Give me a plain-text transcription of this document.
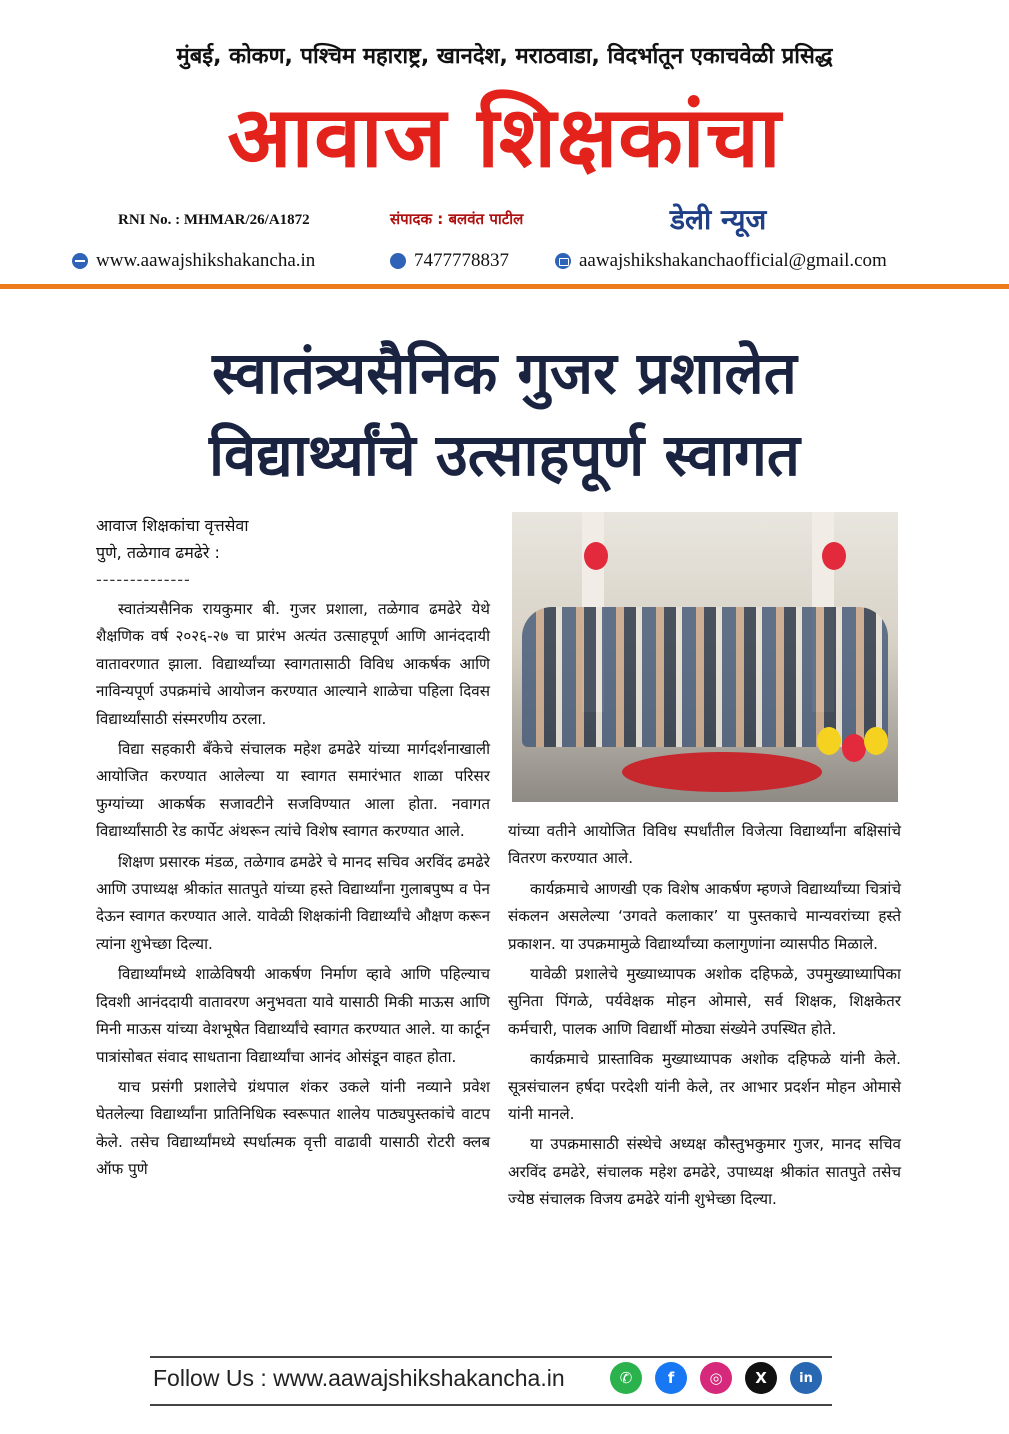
मुंबई, कोकण, पश्चिम महाराष्ट्र, खानदेश, मराठवाडा, विदर्भातून एकाचवेळी प्रसिद्ध
आवाज शिक्षकांचा
RNI No. : MHMAR/26/A1872	संपादक : बलवंत पाटील	डेली न्यूज
www.aawajshikshakancha.in	7477778837	aawajshikshakanchaofficial@gmail.com
स्वातंत्र्यसैनिक गुजर प्रशालेत
विद्यार्थ्यांचे उत्साहपूर्ण स्वागत
आवाज शिक्षकांचा वृत्तसेवा
पुणे, तळेगाव ढमढेरे :
--------------

स्वातंत्र्यसैनिक रायकुमार बी. गुजर प्रशाला, तळेगाव ढमढेरे येथे शैक्षणिक वर्ष २०२६-२७ चा प्रारंभ अत्यंत उत्साहपूर्ण आणि आनंददायी वातावरणात झाला. विद्यार्थ्यांच्या स्वागतासाठी विविध आकर्षक आणि नाविन्यपूर्ण उपक्रमांचे आयोजन करण्यात आल्याने शाळेचा पहिला दिवस विद्यार्थ्यांसाठी संस्मरणीय ठरला.

विद्या सहकारी बँकेचे संचालक महेश ढमढेरे यांच्या मार्गदर्शनाखाली आयोजित करण्यात आलेल्या या स्वागत समारंभात शाळा परिसर फुग्यांच्या आकर्षक सजावटीने सजविण्यात आला होता. नवागत विद्यार्थ्यांसाठी रेड कार्पेट अंथरून त्यांचे विशेष स्वागत करण्यात आले.

शिक्षण प्रसारक मंडळ, तळेगाव ढमढेरे चे मानद सचिव अरविंद ढमढेरे आणि उपाध्यक्ष श्रीकांत सातपुते यांच्या हस्ते विद्यार्थ्यांना गुलाबपुष्प व पेन देऊन स्वागत करण्यात आले. यावेळी शिक्षकांनी विद्यार्थ्यांचे औक्षण करून त्यांना शुभेच्छा दिल्या.

विद्यार्थ्यांमध्ये शाळेविषयी आकर्षण निर्माण व्हावे आणि पहिल्याच दिवशी आनंददायी वातावरण अनुभवता यावे यासाठी मिकी माऊस आणि मिनी माऊस यांच्या वेशभूषेत विद्यार्थ्यांचे स्वागत करण्यात आले. या कार्टून पात्रांसोबत संवाद साधताना विद्यार्थ्यांचा आनंद ओसंडून वाहत होता.

याच प्रसंगी प्रशालेचे ग्रंथपाल शंकर उकले यांनी नव्याने प्रवेश घेतलेल्या विद्यार्थ्यांना प्रातिनिधिक स्वरूपात शालेय पाठ्यपुस्तकांचे वाटप केले. तसेच विद्यार्थ्यांमध्ये स्पर्धात्मक वृत्ती वाढावी यासाठी रोटरी क्लब ऑफ पुणे

यांच्या वतीने आयोजित विविध स्पर्धांतील विजेत्या विद्यार्थ्यांना बक्षिसांचे वितरण करण्यात आले.

कार्यक्रमाचे आणखी एक विशेष आकर्षण म्हणजे विद्यार्थ्यांच्या चित्रांचे संकलन असलेल्या ‘उगवते कलाकार’ या पुस्तकाचे मान्यवरांच्या हस्ते प्रकाशन. या उपक्रमामुळे विद्यार्थ्यांच्या कलागुणांना व्यासपीठ मिळाले.

यावेळी प्रशालेचे मुख्याध्यापक अशोक दहिफळे, उपमुख्याध्यापिका सुनिता पिंगळे, पर्यवेक्षक मोहन ओमासे, सर्व शिक्षक, शिक्षकेतर कर्मचारी, पालक आणि विद्यार्थी मोठ्या संख्येने उपस्थित होते.

कार्यक्रमाचे प्रास्ताविक मुख्याध्यापक अशोक दहिफळे यांनी केले. सूत्रसंचालन हर्षदा परदेशी यांनी केले, तर आभार प्रदर्शन मोहन ओमासे यांनी मानले.

या उपक्रमासाठी संस्थेचे अध्यक्ष कौस्तुभकुमार गुजर, मानद सचिव अरविंद ढमढेरे, संचालक महेश ढमढेरे, उपाध्यक्ष श्रीकांत सातपुते तसेच ज्येष्ठ संचालक विजय ढमढेरे यांनी शुभेच्छा दिल्या.

Follow Us : www.aawajshikshakancha.in	✆	f	◎	X	in
